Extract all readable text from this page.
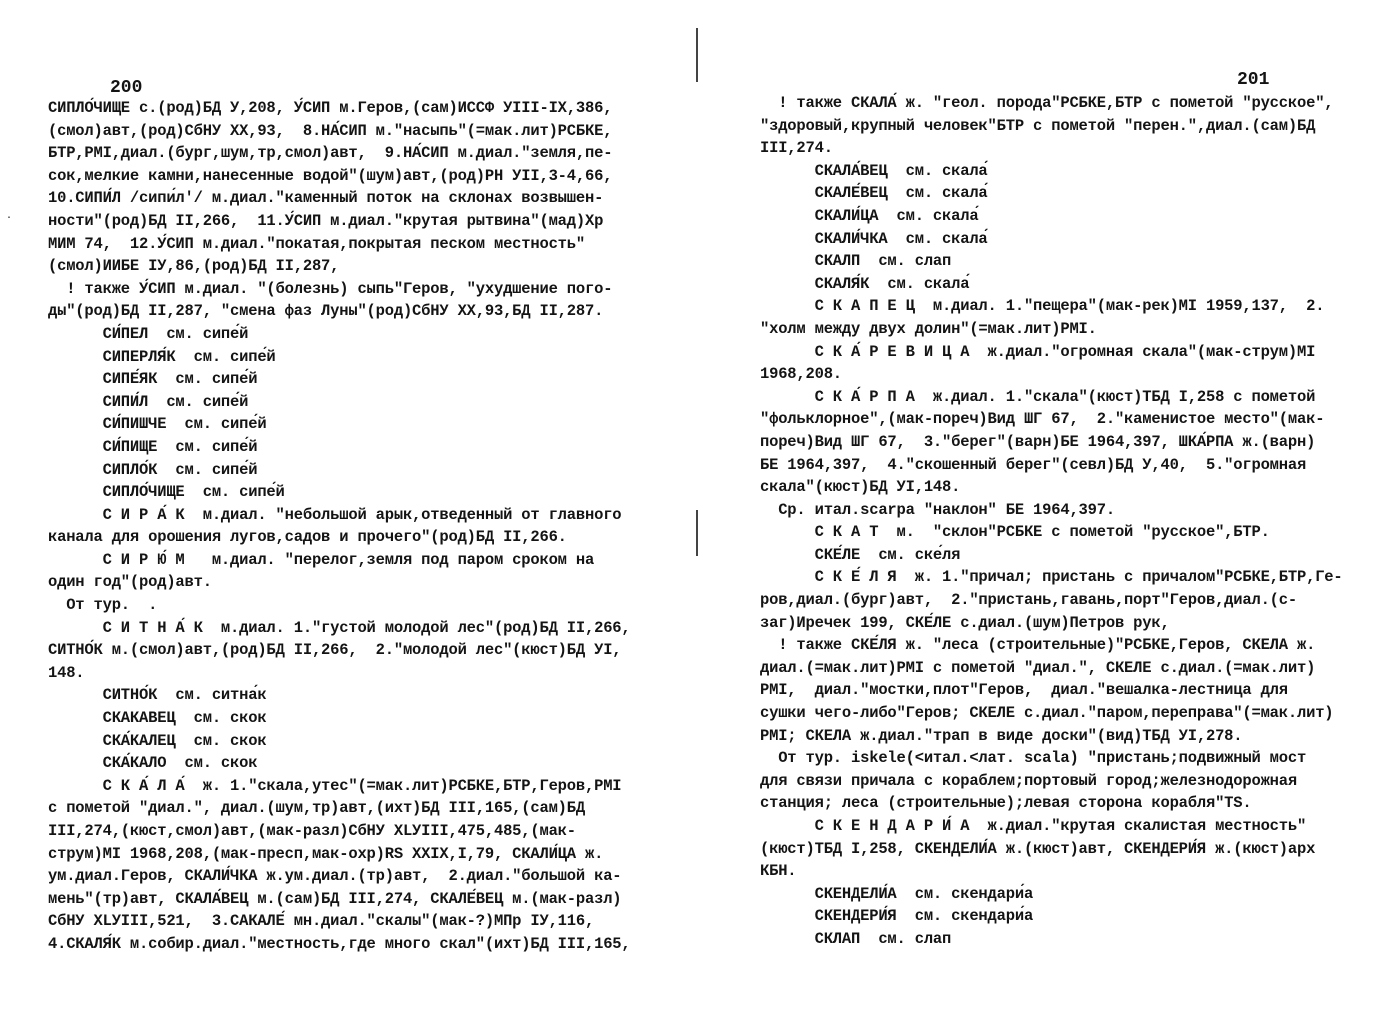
200
СИПЛО́ЧИЩЕ с.(род)БД У,208, У́СИП м.Геров,(сам)ИССФ УIII-IX,386,
(смол)авт,(род)СбНУ XX,93,  8.НА́СИП м."насыпь"(=мак.лит)РСБКЕ,
БТР,РМI,диал.(бург,шум,тр,смол)авт,  9.НА́СИП м.диал."земля,пе-
сок,мелкие камни,нанесенные водой"(шум)авт,(род)РН УII,3-4,66,
10.СИПИ́Л /сипи́л'/ м.диал."каменный поток на склонах возвышен-
ности"(род)БД II,266,  11.У́СИП м.диал."крутая рытвина"(мад)Хр
МИМ 74,  12.У́СИП м.диал."покатая,покрытая песком местность"
(смол)ИИБЕ IУ,86,(род)БД II,287,
! также У́СИП м.диал. "(болезнь) сыпь"Геров, "ухудшение пого-
ды"(род)БД II,287, "смена фаз Луны"(род)СбНУ XX,93,БД II,287.
СИ́ПЕЛ  см. сипе́й
СИПЕРЛЯ́К  см. сипе́й
СИПЕ́ЯК  см. сипе́й
СИПИ́Л  см. сипе́й
СИ́ПИШЧЕ  см. сипе́й
СИ́ПИЩЕ  см. сипе́й
СИПЛО́К  см. сипе́й
СИПЛО́ЧИЩЕ  см. сипе́й
С И Р А́ К  м.диал. "небольшой арык,отведенный от главного
канала для орошения лугов,садов и прочего"(род)БД II,266.
С И Р Ю́ М   м.диал. "перелог,земля под паром сроком на
один год"(род)авт.
От тур.  .
С И Т Н А́ К  м.диал. 1."густой молодой лес"(род)БД II,266,
СИТНО́К м.(смол)авт,(род)БД II,266,  2."молодой лес"(кюст)БД УI,
148.
СИТНО́К  см. ситна́к
СКАКАВЕЦ  см. скок
СКА́КАЛЕЦ  см. скок
СКА́КАЛО  см. скок
С К А́ Л А́  ж. 1."скала,утес"(=мак.лит)РСБКЕ,БТР,Геров,РМI
с пометой "диал.", диал.(шум,тр)авт,(ихт)БД III,165,(сам)БД
III,274,(кюст,смол)авт,(мак-разл)СбНУ XLУIII,475,485,(мак-
струм)МI 1968,208,(мак-пресп,мак-охр)RS XXIX,I,79, СКАЛИ́ЦА ж.
ум.диал.Геров, СКАЛИ́ЧКА ж.ум.диал.(тр)авт,  2.диал."большой ка-
мень"(тр)авт, СКАЛА́ВЕЦ м.(сам)БД III,274, СКАЛЕ́ВЕЦ м.(мак-разл)
СбНУ XLУIII,521,  3.САКАЛЕ́ мн.диал."скалы"(мак-?)МПр IУ,116,
4.СКАЛЯ́К м.собир.диал."местность,где много скал"(ихт)БД III,165,
·
201
! также СКАЛА́ ж. "геол. порода"РСБКЕ,БТР с пометой "русское",
"здоровый,крупный человек"БТР с пометой "перен.",диал.(сам)БД
III,274.
СКАЛА́ВЕЦ  см. скала́
СКАЛЕ́ВЕЦ  см. скала́
СКАЛИ́ЦА  см. скала́
СКАЛИ́ЧКА  см. скала́
СКАЛП  см. слап
СКАЛЯ́К  см. скала́
С К А П Е Ц  м.диал. 1."пещера"(мак-рек)МI 1959,137,  2.
"холм между двух долин"(=мак.лит)РМI.
С К А́ Р Е В И Ц А  ж.диал."огромная скала"(мак-струм)МI
1968,208.
С К А́ Р П А  ж.диал. 1."скала"(кюст)ТБД I,258 с пометой
"фольклорное",(мак-пореч)Вид ШГ 67,  2."каменистое место"(мак-
пореч)Вид ШГ 67,  3."берег"(варн)БЕ 1964,397, ШКА́РПА ж.(варн)
БЕ 1964,397,  4."скошенный берег"(севл)БД У,40,  5."огромная
скала"(кюст)БД УI,148.
Ср. итал.scarpa "наклон" БЕ 1964,397.
С К А Т  м.  "склон"РСБКЕ с пометой "русское",БТР.
СКЕ́ЛЕ  см. ске́ля
С К Е́ Л Я  ж. 1."причал; пристань с причалом"РСБКЕ,БТР,Ге-
ров,диал.(бург)авт,  2."пристань,гавань,порт"Геров,диал.(с-
заг)Иречек 199, СКЕ́ЛЕ с.диал.(шум)Петров рук,
! также СКЕ́ЛЯ ж. "леса (строительные)"РСБКЕ,Геров, СКЕЛА ж.
диал.(=мак.лит)РМI с пометой "диал.", СКЕЛЕ с.диал.(=мак.лит)
РМI,  диал."мостки,плот"Геров,  диал."вешалка-лестница для
сушки чего-либо"Геров; СКЕЛЕ с.диал."паром,переправа"(=мак.лит)
РМI; СКЕЛА ж.диал."трап в виде доски"(вид)ТБД УI,278.
От тур. iskele(<итал.<лат. scala) "пристань;подвижный мост
для связи причала с кораблем;портовый город;железнодорожная
станция; леса (строительные);левая сторона корабля"TS.
С К Е Н Д А Р И́ А  ж.диал."крутая скалистая местность"
(кюст)ТБД I,258, СКЕНДЕЛИ́А ж.(кюст)авт, СКЕНДЕРИ́Я ж.(кюст)арх
КБН.
СКЕНДЕЛИ́А  см. скендари́а
СКЕНДЕРИ́Я  см. скендари́а
СКЛАП  см. слап
